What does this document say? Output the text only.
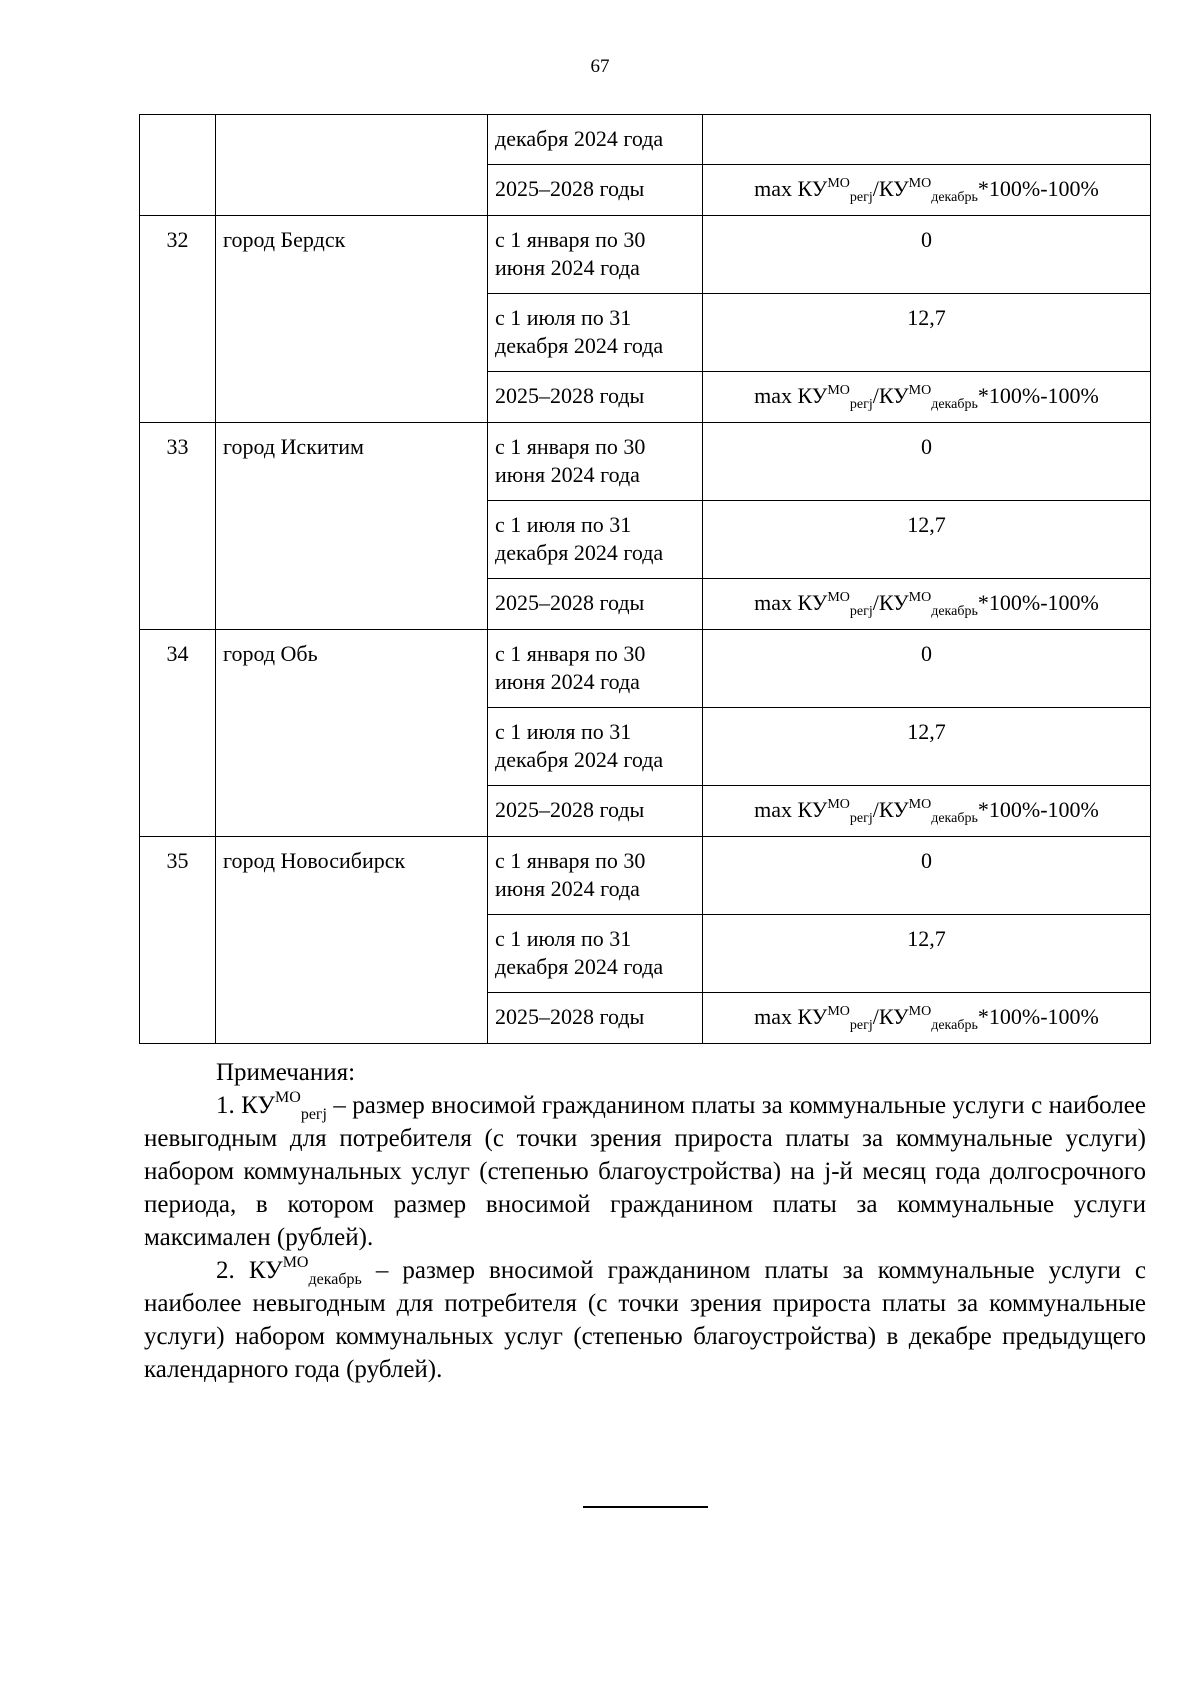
67
		декабря 2024 года	
		2025–2028 годы	$\max КУ^{МО}_{регj}/КУ^{МО}_{декабрь}*100\%-100\%$
32	город Бердск	с 1 января по 30 июня 2024 года	0
		с 1 июля по 31 декабря 2024 года	12,7
		2025–2028 годы	$\max КУ^{МО}_{регj}/КУ^{МО}_{декабрь}*100\%-100\%$
33	город Искитим	с 1 января по 30 июня 2024 года	0
		с 1 июля по 31 декабря 2024 года	12,7
		2025–2028 годы	$\max КУ^{МО}_{регj}/КУ^{МО}_{декабрь}*100\%-100\%$
34	город Обь	с 1 января по 30 июня 2024 года	0
		с 1 июля по 31 декабря 2024 года	12,7
		2025–2028 годы	$\max КУ^{МО}_{регj}/КУ^{МО}_{декабрь}*100\%-100\%$
35	город Новосибирск	с 1 января по 30 июня 2024 года	0
		с 1 июля по 31 декабря 2024 года	12,7
		2025–2028 годы	$\max КУ^{МО}_{регj}/КУ^{МО}_{декабрь}*100\%-100\%$

Примечания:

1. $КУ^{МО}_{регj}$ – размер вносимой гражданином платы за коммунальные услуги с наиболее невыгодным для потребителя (с точки зрения прироста платы за коммунальные услуги) набором коммунальных услуг (степенью благоустройства) на j-й месяц года долгосрочного периода, в котором размер вносимой гражданином платы за коммунальные услуги максимален (рублей).

2. $КУ^{МО}_{декабрь}$ – размер вносимой гражданином платы за коммунальные услуги с наиболее невыгодным для потребителя (с точки зрения прироста платы за коммунальные услуги) набором коммунальных услуг (степенью благоустройства) в декабре предыдущего календарного года (рублей).
